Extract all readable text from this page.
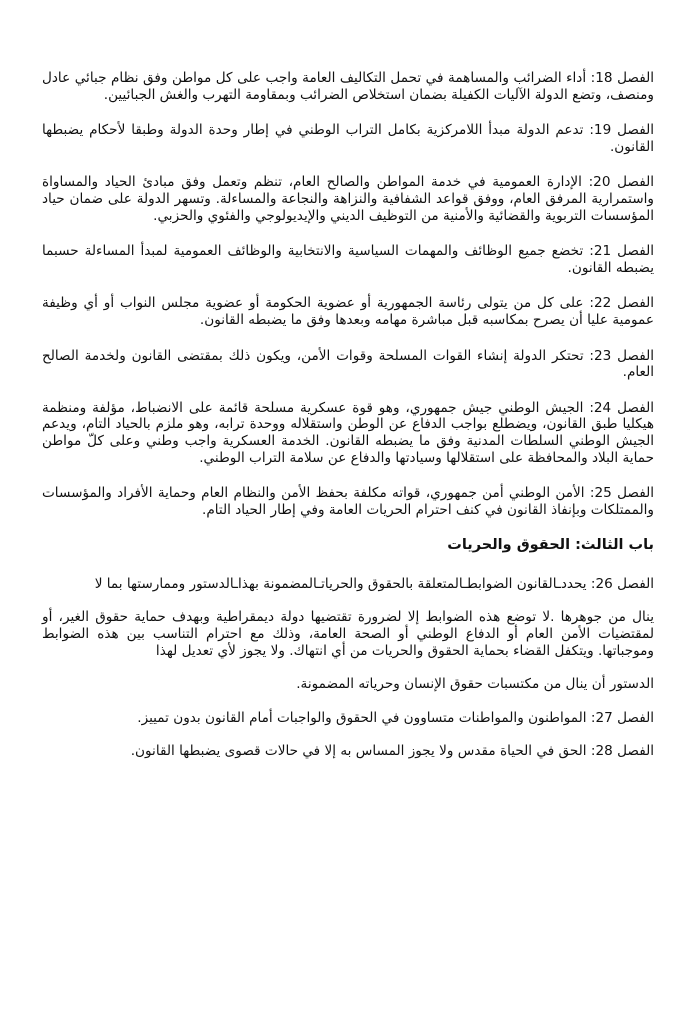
الفصل 18: أداء الضرائب والمساهمة في تحمل التكاليف العامة واجب على كل مواطن وفق نظام جبائي عادل ومنصف، وتضع الدولة الآليات الكفيلة بضمان استخلاص الضرائب وبمقاومة التهرب والغش الجبائيين.

الفصل 19: تدعم الدولة مبدأ اللامركزية بكامل التراب الوطني في إطار وحدة الدولة وطبقا لأحكام يضبطها القانون.

الفصل 20: الإدارة العمومية في خدمة المواطن والصالح العام، تنظم وتعمل وفق مبادئ الحياد والمساواة واستمرارية المرفق العام، ووفق قواعد الشفافية والنزاهة والنجاعة والمساءلة. وتسهر الدولة على ضمان حياد المؤسسات التربوية والقضائية والأمنية من التوظيف الديني والإيديولوجي والفئوي والحزبي.

الفصل 21: تخضع جميع الوظائف والمهمات السياسية والانتخابية والوظائف العمومية لمبدأ المساءلة حسبما يضبطه القانون.

الفصل 22: على كل من يتولى رئاسة الجمهورية أو عضوية الحكومة أو عضوية مجلس النواب أو أي وظيفة عمومية عليا أن يصرح بمكاسبه قبل مباشرة مهامه وبعدها وفق ما يضبطه القانون.

الفصل 23: تحتكر الدولة إنشاء القوات المسلحة وقوات الأمن، ويكون ذلك بمقتضى القانون ولخدمة الصالح العام.

الفصل 24: الجيش الوطني جيش جمهوري، وهو قوة عسكرية مسلحة قائمة على الانضباط، مؤلفة ومنظمة هيكليا طبق القانون، ويضطلع بواجب الدفاع عن الوطن واستقلاله ووحدة ترابه، وهو ملزم بالحياد التام، ويدعم الجيش الوطني السلطات المدنية وفق ما يضبطه القانون. الخدمة العسكرية واجب وطني وعلى كلّ مواطن حماية البلاد والمحافظة على استقلالها وسيادتها والدفاع عن سلامة التراب الوطني.

الفصل 25: الأمن الوطني أمن جمهوري، قواته مكلفة بحفظ الأمن والنظام العام وحماية الأفراد والمؤسسات والممتلكات وبإنفاذ القانون في كنف احترام الحريات العامة وفي إطار الحياد التام.

باب الثالث: الحقوق والحريات

الفصل 26: يحددـالقانون الضوابطـالمتعلقة بالحقوق والحرياتـالمضمونة بهذاـالدستور وممارستها بما لا

ينال من جوهرها .لا توضع هذه الضوابط إلا لضرورة تقتضيها دولة ديمقراطية وبهدف حماية حقوق الغير، أو لمقتضيات الأمن العام أو الدفاع الوطني أو الصحة العامة، وذلك مع احترام التناسب بين هذه الضوابط وموجباتها. ويتكفل القضاء بحماية الحقوق والحريات من أي انتهاك. ولا يجوز لأي تعديل لهذا

الدستور أن ينال من مكتسبات حقوق الإنسان وحرياته المضمونة.

الفصل 27: المواطنون والمواطنات متساوون في الحقوق والواجبات أمام القانون بدون تمييز.

الفصل 28: الحق في الحياة مقدس ولا يجوز المساس به إلا في حالات قصوى يضبطها القانون.
